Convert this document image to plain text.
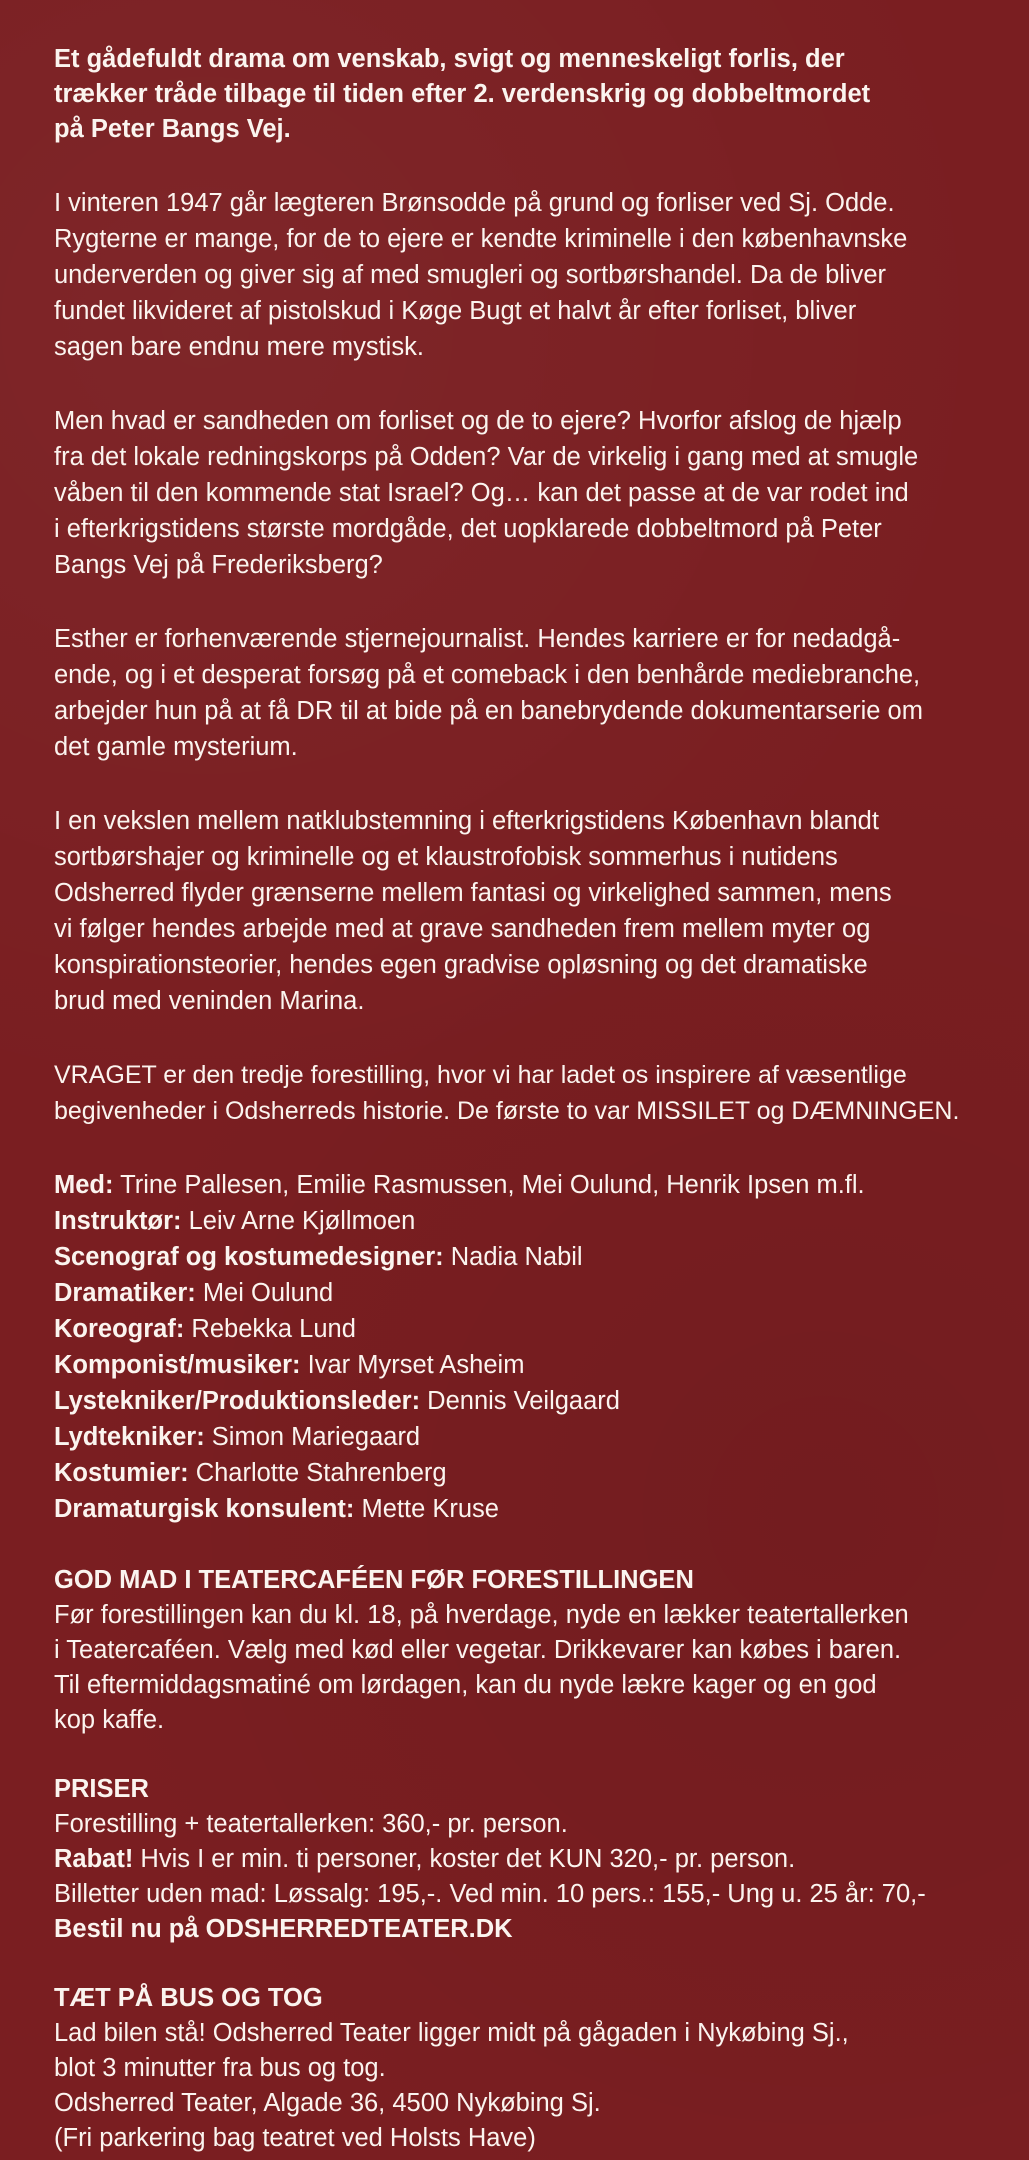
Et gådefuldt drama om venskab, svigt og menneskeligt forlis, der
trækker tråde tilbage til tiden efter 2. verdenskrig og dobbeltmordet
på Peter Bangs Vej.
I vinteren 1947 går lægteren Brønsodde på grund og forliser ved Sj. Odde.
Rygterne er mange, for de to ejere er kendte kriminelle i den københavnske
underverden og giver sig af med smugleri og sortbørshandel. Da de bliver
fundet likvideret af pistolskud i Køge Bugt et halvt år efter forliset, bliver
sagen bare endnu mere mystisk.
Men hvad er sandheden om forliset og de to ejere? Hvorfor afslog de hjælp
fra det lokale redningskorps på Odden? Var de virkelig i gang med at smugle
våben til den kommende stat Israel? Og… kan det passe at de var rodet ind
i efterkrigstidens største mordgåde, det uopklarede dobbeltmord på Peter
Bangs Vej på Frederiksberg?
Esther er forhenværende stjernejournalist. Hendes karriere er for nedadgå-
ende, og i et desperat forsøg på et comeback i den benhårde mediebranche,
arbejder hun på at få DR til at bide på en banebrydende dokumentarserie om
det gamle mysterium.
I en vekslen mellem natklubstemning i efterkrigstidens København blandt
sortbørshajer og kriminelle og et klaustrofobisk sommerhus i nutidens
Odsherred flyder grænserne mellem fantasi og virkelighed sammen, mens
vi følger hendes arbejde med at grave sandheden frem mellem myter og
konspirationsteorier, hendes egen gradvise opløsning og det dramatiske
brud med veninden Marina.
VRAGET er den tredje forestilling, hvor vi har ladet os inspirere af væsentlige
begivenheder i Odsherreds historie. De første to var MISSILET og DÆMNINGEN.
Med: Trine Pallesen, Emilie Rasmussen, Mei Oulund, Henrik Ipsen m.fl.
Instruktør: Leiv Arne Kjøllmoen
Scenograf og kostumedesigner: Nadia Nabil
Dramatiker: Mei Oulund
Koreograf: Rebekka Lund
Komponist/musiker: Ivar Myrset Asheim
Lystekniker/Produktionsleder: Dennis Veilgaard
Lydtekniker: Simon Mariegaard
Kostumier: Charlotte Stahrenberg
Dramaturgisk konsulent: Mette Kruse
GOD MAD I TEATERCAFÉEN FØR FORESTILLINGEN
Før forestillingen kan du kl. 18, på hverdage, nyde en lækker teatertallerken
i Teatercaféen. Vælg med kød eller vegetar. Drikkevarer kan købes i baren.
Til eftermiddagsmatiné om lørdagen, kan du nyde lækre kager og en god
kop kaffe.
PRISER
Forestilling + teatertallerken: 360,- pr. person.
Rabat! Hvis I er min. ti personer, koster det KUN 320,- pr. person.
Billetter uden mad: Løssalg: 195,-. Ved min. 10 pers.: 155,- Ung u. 25 år: 70,-
Bestil nu på ODSHERREDTEATER.DK
TÆT PÅ BUS OG TOG
Lad bilen stå! Odsherred Teater ligger midt på gågaden i Nykøbing Sj.,
blot 3 minutter fra bus og tog.
Odsherred Teater, Algade 36, 4500 Nykøbing Sj.
(Fri parkering bag teatret ved Holsts Have)
